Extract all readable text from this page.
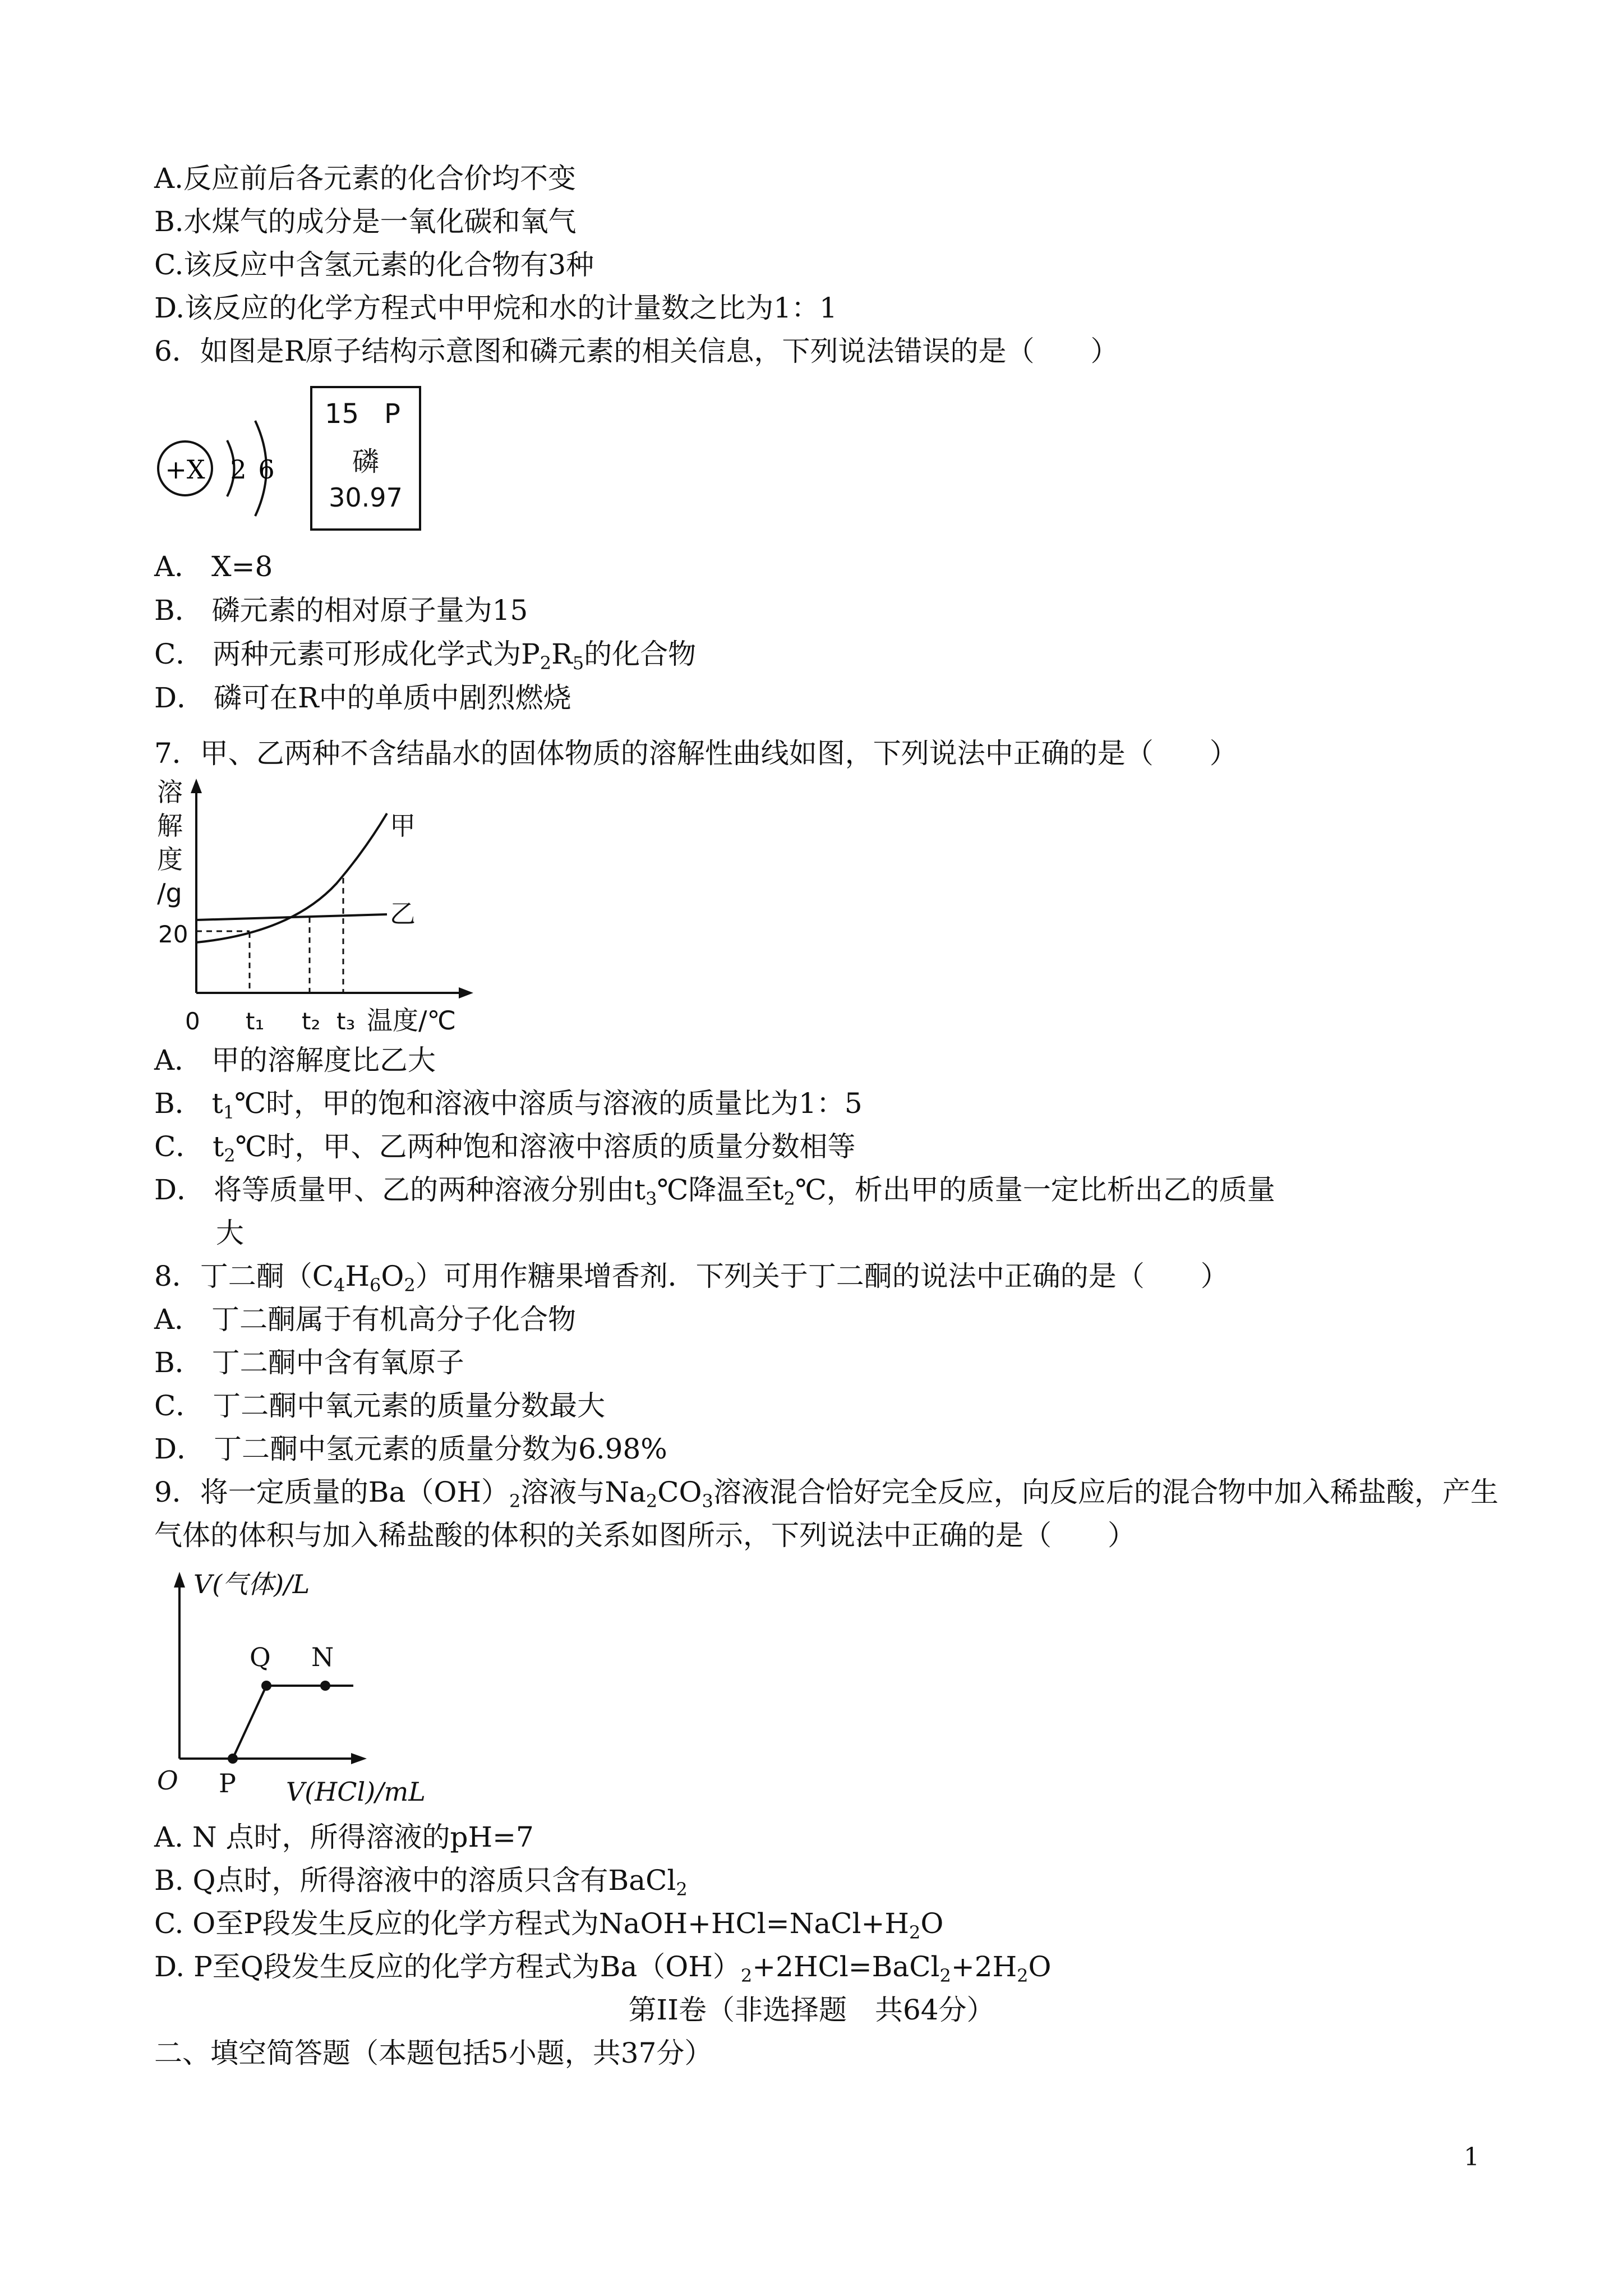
A.反应前后各元素的化合价均不变
B.水煤气的成分是一氧化碳和氧气
C.该反应中含氢元素的化合物有3种
D.该反应的化学方程式中甲烷和水的计量数之比为1：1
6．如图是R原子结构示意图和磷元素的相关信息，下列说法错误的是（　　）
+X 2 6
15 P
磷
30.97
A． X=8
B． 磷元素的相对原子量为15
C． 两种元素可形成化学式为$P_2R_5$的化合物
D． 磷可在R中的单质中剧烈燃烧
7．甲、乙两种不含结晶水的固体物质的溶解性曲线如图，下列说法中正确的是（　　）
溶
解
度
/g
20
0 t₁ t₂ t₃ 温度/℃
甲
乙
A． 甲的溶解度比乙大
B． $t_1℃$时，甲的饱和溶液中溶质与溶液的质量比为1：5
C． $t_2℃$时，甲、乙两种饱和溶液中溶质的质量分数相等
D． 将等质量甲、乙的两种溶液分别由$t_3℃$降温至$t_2℃$，析出甲的质量一定比析出乙的质量
大
8．丁二酮$(C_4H_6O_2)$可用作糖果增香剂．下列关于丁二酮的说法中正确的是（　　）
A． 丁二酮属于有机高分子化合物
B． 丁二酮中含有氧原子
C． 丁二酮中氧元素的质量分数最大
D． 丁二酮中氢元素的质量分数为6.98%
9．将一定质量的$Ba(OH)_2$溶液与$Na_2CO_3$溶液混合恰好完全反应，向反应后的混合物中加入稀盐酸，产生
气体的体积与加入稀盐酸的体积的关系如图所示，下列说法中正确的是（　　）
V(气体)/L
O P
Q N
V(HCl)/mL
A. N 点时，所得溶液的pH=7
B. Q点时，所得溶液中的溶质只含有BaCl$_2$
C. O至P段发生反应的化学方程式为$NaOH+HCl=NaCl+H_2O$
D. P至Q段发生反应的化学方程式为$Ba(OH)_2+2HCl=BaCl_2+2H_2O$
第II卷（非选择题　共64分）
二、填空简答题（本题包括5小题，共37分）
1
